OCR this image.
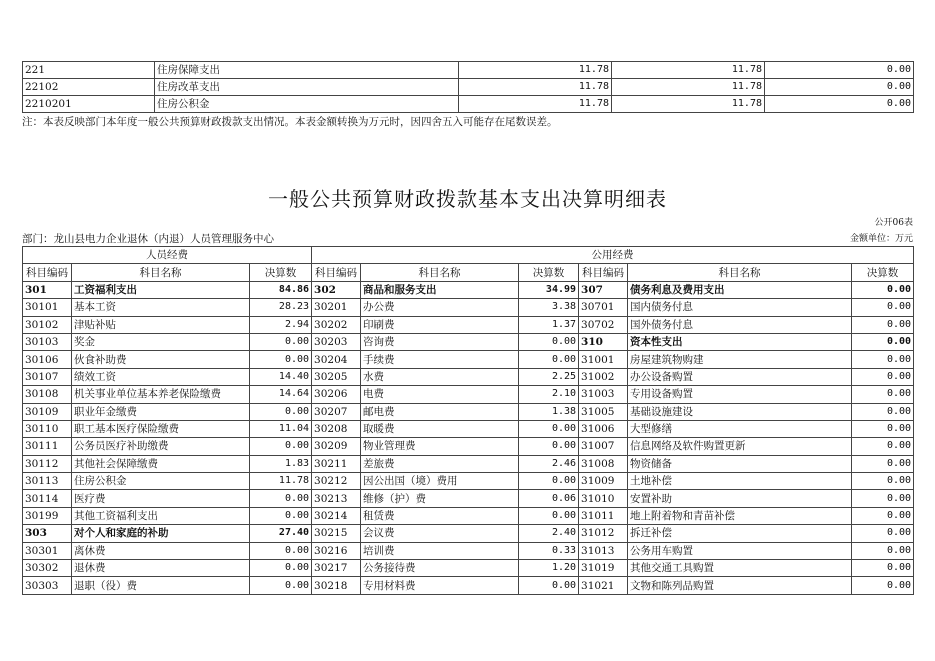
221	住房保障支出	11.78	11.78	0.00
22102	住房改革支出	11.78	11.78	0.00
2210201	住房公积金	11.78	11.78	0.00
注：本表反映部门本年度一般公共预算财政拨款支出情况。本表金额转换为万元时，因四舍五入可能存在尾数误差。
一般公共预算财政拨款基本支出决算明细表
公开06表
部门：龙山县电力企业退休（内退）人员管理服务中心	金额单位：万元
人员经费			公用经费					
科目编码	科目名称	决算数	科目编码	科目名称	决算数	科目编码	科目名称	决算数
301	工资福利支出	84.86	302	商品和服务支出	34.99	307	债务利息及费用支出	0.00
30101	基本工资	28.23	30201	办公费	3.38	30701	国内债务付息	0.00
30102	津贴补贴	2.94	30202	印刷费	1.37	30702	国外债务付息	0.00
30103	奖金	0.00	30203	咨询费	0.00	310	资本性支出	0.00
30106	伙食补助费	0.00	30204	手续费	0.00	31001	房屋建筑物购建	0.00
30107	绩效工资	14.40	30205	水费	2.25	31002	办公设备购置	0.00
30108	机关事业单位基本养老保险缴费	14.64	30206	电费	2.10	31003	专用设备购置	0.00
30109	职业年金缴费	0.00	30207	邮电费	1.38	31005	基础设施建设	0.00
30110	职工基本医疗保险缴费	11.04	30208	取暖费	0.00	31006	大型修缮	0.00
30111	公务员医疗补助缴费	0.00	30209	物业管理费	0.00	31007	信息网络及软件购置更新	0.00
30112	其他社会保障缴费	1.83	30211	差旅费	2.46	31008	物资储备	0.00
30113	住房公积金	11.78	30212	因公出国（境）费用	0.00	31009	土地补偿	0.00
30114	医疗费	0.00	30213	维修（护）费	0.06	31010	安置补助	0.00
30199	其他工资福利支出	0.00	30214	租赁费	0.00	31011	地上附着物和青苗补偿	0.00
303	对个人和家庭的补助	27.40	30215	会议费	2.40	31012	拆迁补偿	0.00
30301	离休费	0.00	30216	培训费	0.33	31013	公务用车购置	0.00
30302	退休费	0.00	30217	公务接待费	1.20	31019	其他交通工具购置	0.00
30303	退职（役）费	0.00	30218	专用材料费	0.00	31021	文物和陈列品购置	0.00
